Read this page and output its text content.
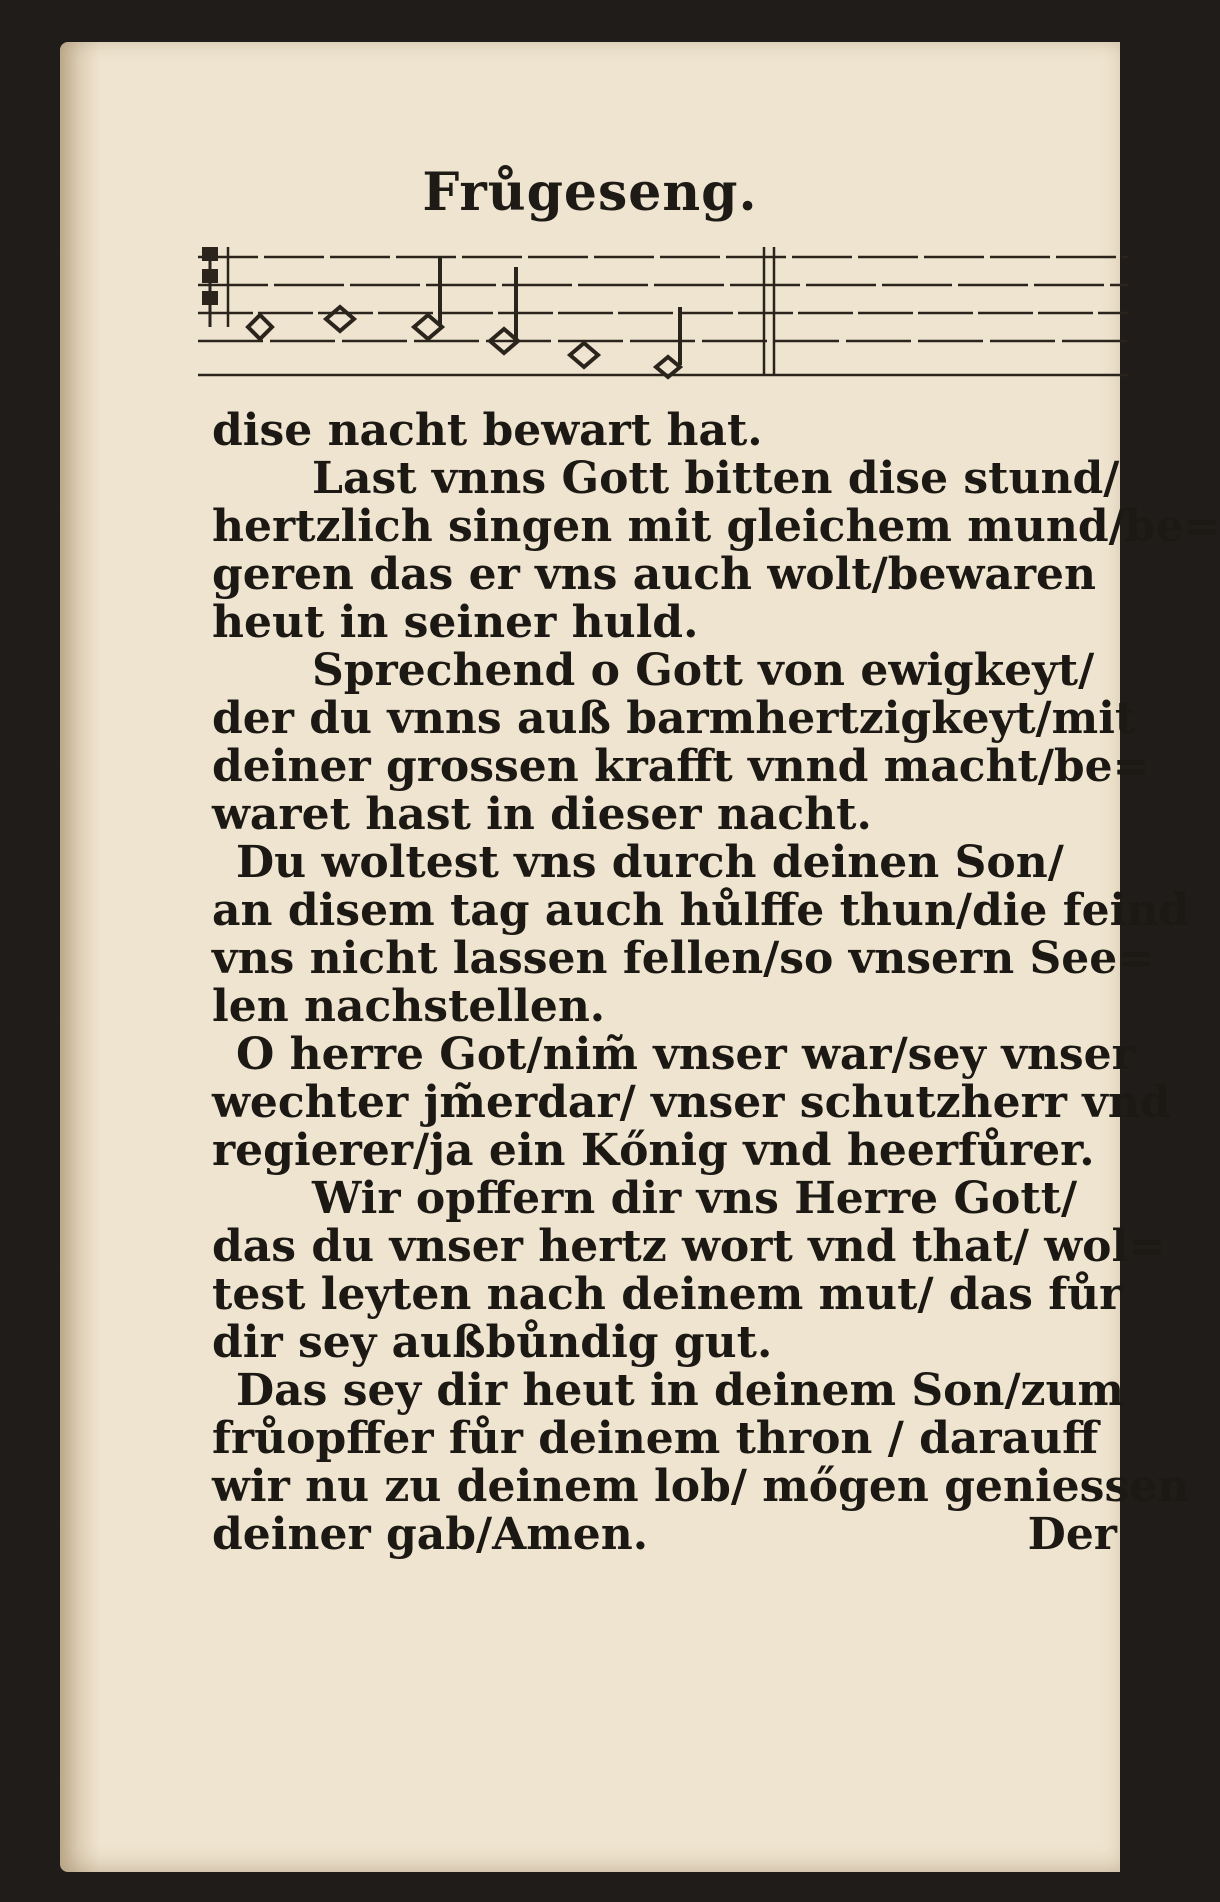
Frůgeseng.

dise nacht bewart hat.

Last vnns Gott bitten dise stund/

hertzlich singen mit gleichem mund/be=

geren das er vns auch wolt/bewaren

heut in seiner huld.

Sprechend o Gott von ewigkeyt/

der du vnns auß barmhertzigkeyt/mit

deiner grossen krafft vnnd macht/be=

waret hast in dieser nacht.

Du woltest vns durch deinen Son/

an disem tag auch hůlffe thun/die feind

vns nicht lassen fellen/so vnsern See=

len nachstellen.

O herre Got/nim̃ vnser war/sey vnser

wechter jm̃erdar/ vnser schutzherr vnd

regierer/ja ein Kőnig vnd heerfůrer.

Wir opffern dir vns Herre Gott/

das du vnser hertz wort vnd that/ wol=

test leyten nach deinem mut/ das fůr

dir sey außbůndig gut.

Das sey dir heut in deinem Son/zum

frůopffer fůr deinem thron / darauff

wir nu zu deinem lob/ mőgen geniessen

deiner gab/Amen.	Der
